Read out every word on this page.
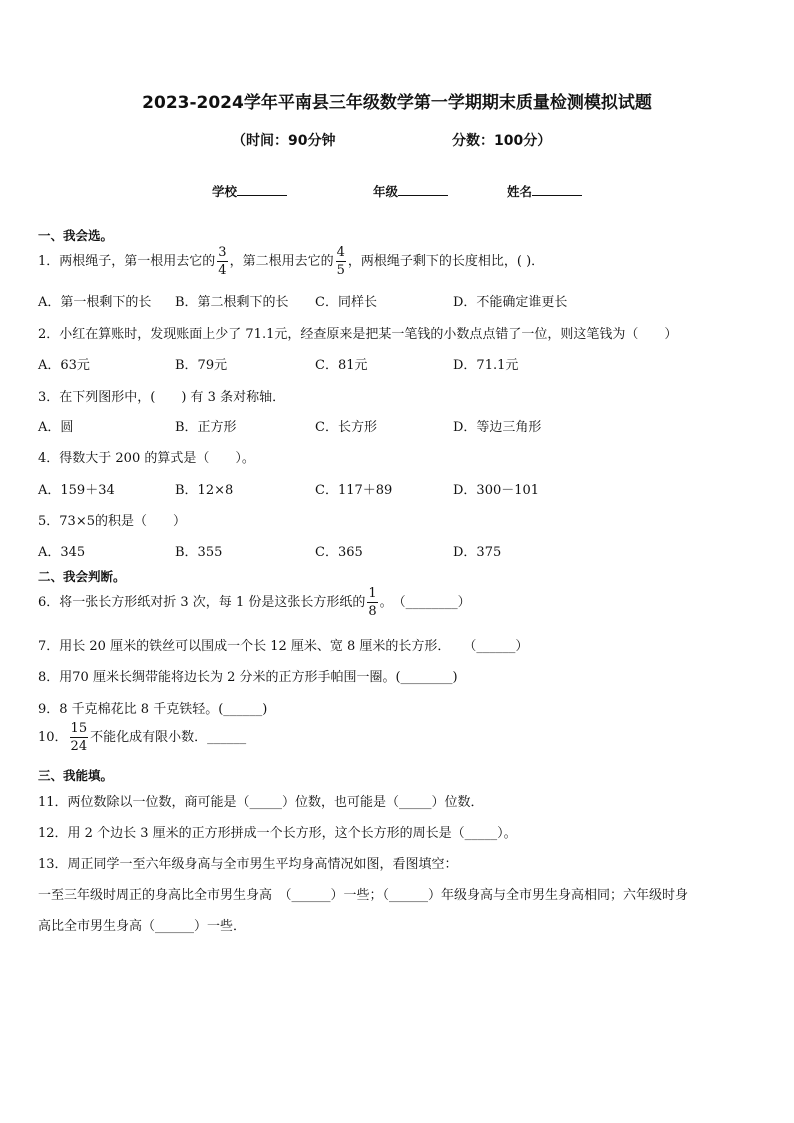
2023-2024学年平南县三年级数学第一学期期末质量检测模拟试题
（时间：90分钟	分数：100分）
学校	年级	姓名
一、我会选。
1．两根绳子，第一根用去它的 $\frac{3}{4}$ ，第二根用去它的 $\frac{4}{5}$ ，两根绳子剩下的长度相比，( )．
A．第一根剩下的长 B．第二根剩下的长 C．同样长	D．不能确定谁更长
2．小红在算账时，发现账面上少了 71.1元，经查原来是把某一笔钱的小数点点错了一位，则这笔钱为（　　）
A．63元	B．79元	C．81元	D．71.1元
3．在下列图形中，(　　) 有 3 条对称轴．
A．圆	B．正方形	C．长方形	D．等边三角形
4．得数大于 200 的算式是（　　）。
A．159＋34	B．12×8	C．117＋89	D．300－101
5．73×5的积是（　　）
A．345	B．355	C．365	D．375
二、我会判断。
6．将一张长方形纸对折 3 次，每 1 份是这张长方形纸的 $\frac{1}{8}$ 。　（________）
7．用长 20 厘米的铁丝可以围成一个长 12 厘米、宽 8 厘米的长方形．　　（______）
8．用70 厘米长绸带能将边长为 2 分米的正方形手帕围一圈。(________)
9．8 千克棉花比 8 千克铁轻。(______)
10． $\frac{15}{24}$ 不能化成有限小数．______
三、我能填。
11．两位数除以一位数，商可能是（_____）位数，也可能是（_____）位数．
12．用 2 个边长 3 厘米的正方形拼成一个长方形，这个长方形的周长是（_____）。
13．周正同学一至六年级身高与全市男生平均身高情况如图，看图填空：
一至三年级时周正的身高比全市男生身高　（______）一些；（______）年级身高与全市男生身高相同；六年级时身
高比全市男生身高（______）一些．
